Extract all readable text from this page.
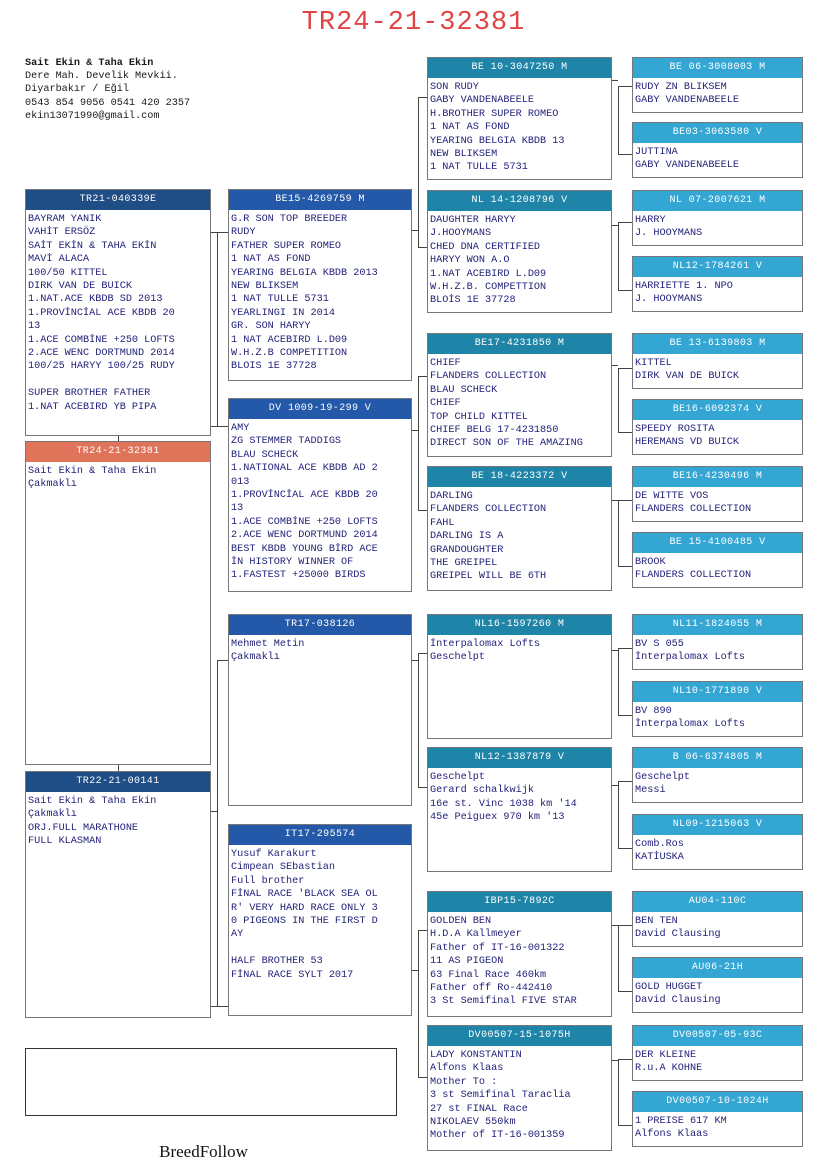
TR24-21-32381
Sait Ekin & Taha Ekin
Dere Mah. Develik Mevkii.
Diyarbakır / Eğil
0543 854 9056 0541 420 2357
ekin13071990@gmail.com
TR21-040339E
BAYRAM YANIK
VAHİT ERSÖZ
SAİT EKİN & TAHA EKİN
MAVİ ALACA
100/50 KITTEL
DIRK VAN DE BUICK
1.NAT.ACE KBDB SD 2013
1.PROVİNCİAL ACE KBDB 20
13
1.ACE COMBİNE +250 LOFTS
2.ACE WENC DORTMUND 2014
100/25 HARYY 100/25 RUDY
SUPER BROTHER FATHER
1.NAT ACEBIRD YB PIPA
TR24-21-32381
Sait Ekin & Taha Ekin
Çakmaklı
TR22-21-00141
Sait Ekin & Taha Ekin
Çakmaklı
ORJ.FULL MARATHONE
FULL KLASMAN
BE15-4269759 M
G.R SON TOP BREEDER
RUDY
FATHER SUPER ROMEO
1 NAT AS FOND
YEARING BELGIA KBDB 2013
NEW BLIKSEM
1 NAT TULLE 5731
YEARLINGI IN 2014
GR. SON HARYY
1 NAT ACEBIRD L.D09
W.H.Z.B COMPETITION
BLOIS 1E 37728
DV 1009-19-299 V
AMY
ZG STEMMER TADDIGS
BLAU SCHECK
1.NATIONAL ACE KBDB AD 2
013
1.PROVİNCİAL ACE KBDB 20
13
1.ACE COMBİNE +250 LOFTS
2.ACE WENC DORTMUND 2014
BEST KBDB YOUNG BİRD ACE
İN HISTORY WINNER OF
1.FASTEST +25000 BIRDS
TR17-038126
Mehmet Metin
Çakmaklı
IT17-295574
Yusuf Karakurt
Cimpean SEbastian
Full brother
FİNAL RACE 'BLACK SEA OL
R' VERY HARD RACE ONLY 3
0 PIGEONS IN THE FIRST D
AY
HALF BROTHER 53
FİNAL RACE SYLT 2017
BE 10-3047250 M
SON RUDY
GABY VANDENABEELE
H.BROTHER SUPER ROMEO
1 NAT AS FOND
YEARING BELGIA KBDB 13
NEW BLIKSEM
1 NAT TULLE 5731
NL 14-1208796 V
DAUGHTER HARYY
J.HOOYMANS
CHED DNA CERTIFIED
HARYY WON A.O
1.NAT ACEBIRD L.D09
W.H.Z.B. COMPETTION
BLOİS 1E 37728
BE17-4231850 M
CHIEF
FLANDERS COLLECTION
BLAU SCHECK
CHIEF
TOP CHILD KITTEL
CHIEF BELG 17-4231850
DIRECT SON OF THE AMAZING
BE 18-4223372 V
DARLING
FLANDERS COLLECTION
FAHL
DARLING IS A
GRANDOUGHTER
THE GREIPEL
GREIPEL WILL BE 6TH
NL16-1597260 M
İnterpalomax Lofts
Geschelpt
NL12-1387879 V
Geschelpt
Gerard schalkwijk
16e st. Vinc 1038 km '14
45e Peiguex 970 km '13
IBP15-7892C
GOLDEN BEN
H.D.A Kallmeyer
Father of IT-16-001322
11 AS PIGEON
63 Final Race 460km
Father off Ro-442410
3 St Semifinal FIVE STAR
DV00507-15-1075H
LADY KONSTANTIN
Alfons Klaas
Mother To :
3 st Semifinal Taraclia
27 st FINAL Race
NIKOLAEV 550km
Mother of IT-16-001359
BE 06-3008003 M
RUDY ZN BLIKSEM
GABY VANDENABEELE
BE03-3063580 V
JUTTINA
GABY VANDENABEELE
NL 07-2007621 M
HARRY
J. HOOYMANS
NL12-1784261 V
HARRIETTE 1. NPO
J. HOOYMANS
BE 13-6139803 M
KITTEL
DIRK VAN DE BUICK
BE16-6092374 V
SPEEDY ROSITA
HEREMANS VD BUICK
BE16-4230496 M
DE WITTE VOS
FLANDERS COLLECTION
BE 15-4100485 V
BROOK
FLANDERS COLLECTION
NL11-1824055 M
BV S 055
İnterpalomax Lofts
NL10-1771890 V
BV 890
İnterpalomax Lofts
B 06-6374805 M
Geschelpt
Messi
NL09-1215063 V
Comb.Ros
KATİUSKA
AU04-110C
BEN TEN
David Clausing
AU06-21H
GOLD HUGGET
David Clausing
DV00507-05-93C
DER KLEINE
R.u.A KOHNE
DV00507-10-1024H
1 PREISE 617 KM
Alfons Klaas
BreedFollow
